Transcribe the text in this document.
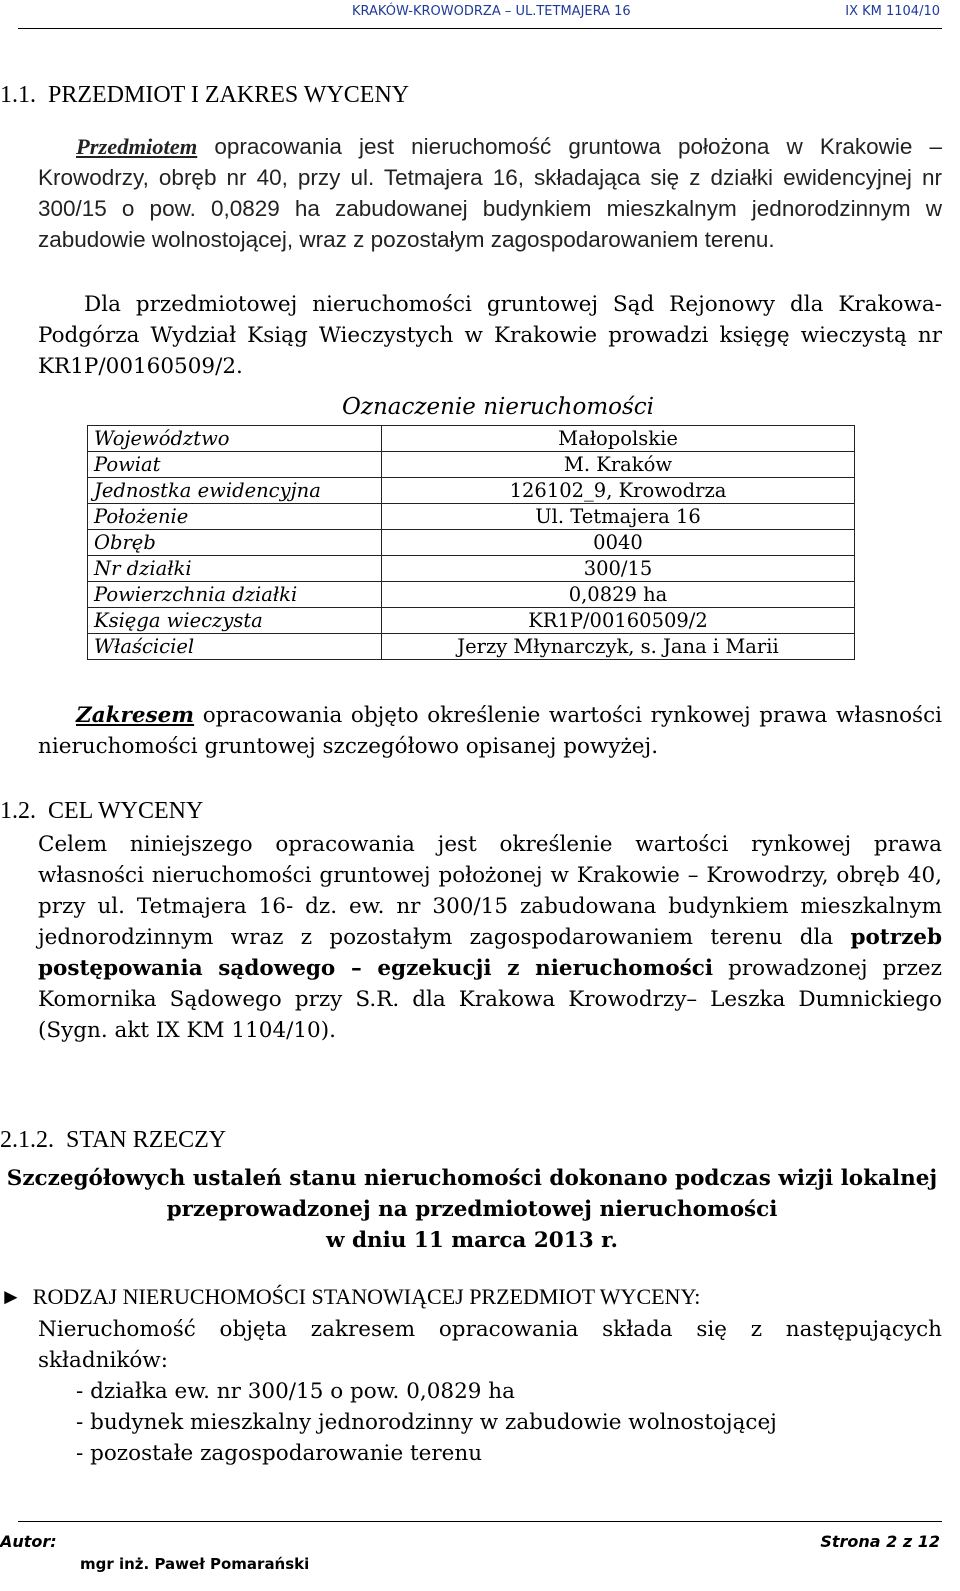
KRAKÓW-KROWODRZA – UL.TETMAJERA 16	IX KM 1104/10
1.1. PRZEDMIOT I ZAKRES WYCENY
Przedmiotem opracowania jest nieruchomość gruntowa położona w Krakowie – Krowodrzy, obręb nr 40, przy ul. Tetmajera 16, składająca się z działki ewidencyjnej nr 300/15 o pow. 0,0829 ha zabudowanej budynkiem mieszkalnym jednorodzinnym w zabudowie wolnostojącej, wraz z pozostałym zagospodarowaniem terenu.
Dla przedmiotowej nieruchomości gruntowej Sąd Rejonowy dla Krakowa-Podgórza Wydział Ksiąg Wieczystych w Krakowie prowadzi księgę wieczystą nr KR1P/00160509/2.
Oznaczenie nieruchomości
Województwo	Małopolskie
Powiat	M. Kraków
Jednostka ewidencyjna	126102_9, Krowodrza
Położenie	Ul. Tetmajera 16
Obręb	0040
Nr działki	300/15
Powierzchnia działki	0,0829 ha
Księga wieczysta	KR1P/00160509/2
Właściciel	Jerzy Młynarczyk, s. Jana i Marii
Zakresem opracowania objęto określenie wartości rynkowej prawa własności nieruchomości gruntowej szczegółowo opisanej powyżej.
1.2. CEL WYCENY
Celem niniejszego opracowania jest określenie wartości rynkowej prawa własności nieruchomości gruntowej położonej w Krakowie – Krowodrzy, obręb 40, przy ul. Tetmajera 16- dz. ew. nr 300/15 zabudowana budynkiem mieszkalnym jednorodzinnym wraz z pozostałym zagospodarowaniem terenu dla potrzeb postępowania sądowego – egzekucji z nieruchomości prowadzonej przez Komornika Sądowego przy S.R. dla Krakowa Krowodrzy– Leszka Dumnickiego (Sygn. akt IX KM 1104/10).
2.1.2. STAN RZECZY
Szczegółowych ustaleń stanu nieruchomości dokonano podczas wizji lokalnej
przeprowadzonej na przedmiotowej nieruchomości
w dniu 11 marca 2013 r.
► RODZAJ NIERUCHOMOŚCI STANOWIĄCEJ PRZEDMIOT WYCENY:
Nieruchomość objęta zakresem opracowania składa się z następujących składników:
- działka ew. nr 300/15 o pow. 0,0829 ha
- budynek mieszkalny jednorodzinny w zabudowie wolnostojącej
- pozostałe zagospodarowanie terenu
Autor:
mgr inż. Paweł Pomarański
Strona 2 z 12
